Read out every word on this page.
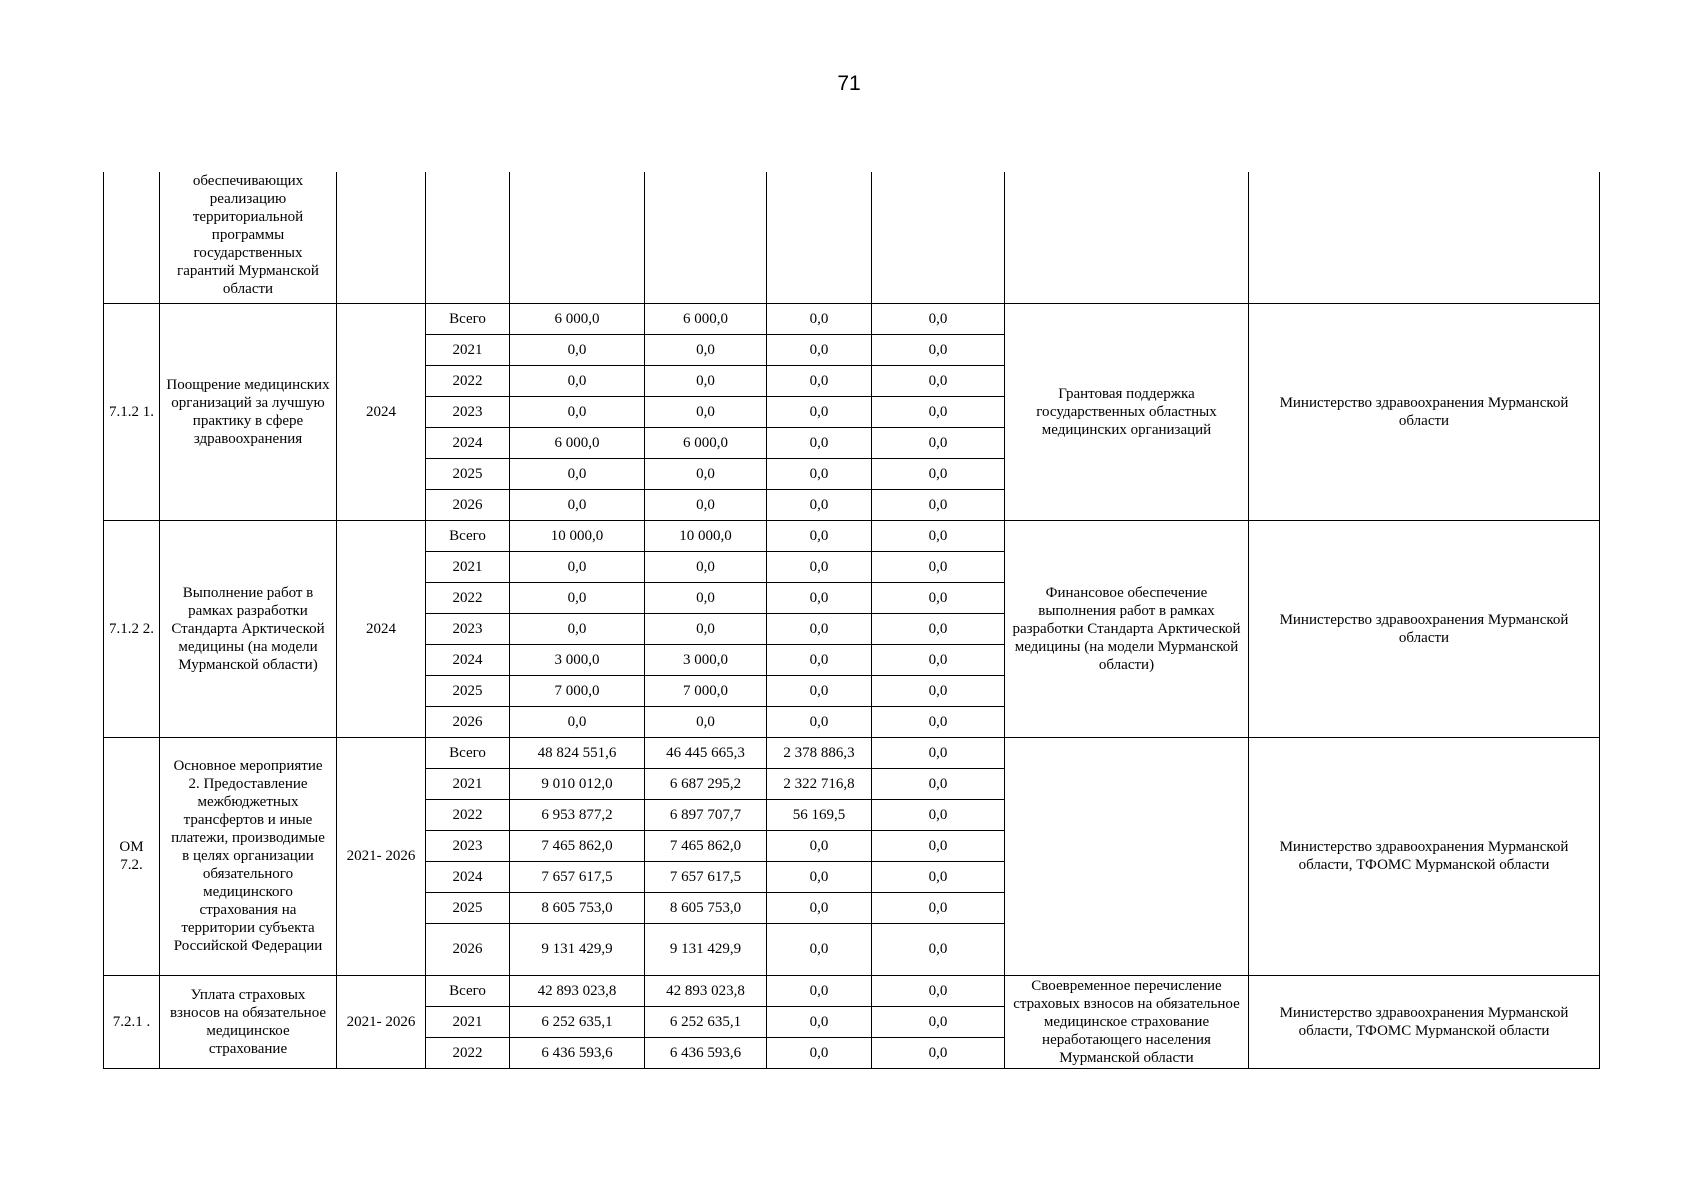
71
	обеспечивающих реализацию территориальной программы государственных гарантий Мурманской области								
7.1.2 1.	Поощрение медицинских организаций за лучшую практику в сфере здравоохранения	2024	Всего	6 000,0	6 000,0	0,0	0,0	Грантовая поддержка государственных областных медицинских организаций	Министерство здравоохранения Мурманской области
			2021	0,0	0,0	0,0	0,0		
			2022	0,0	0,0	0,0	0,0		
			2023	0,0	0,0	0,0	0,0		
			2024	6 000,0	6 000,0	0,0	0,0		
			2025	0,0	0,0	0,0	0,0		
			2026	0,0	0,0	0,0	0,0		
7.1.2 2.	Выполнение работ в рамках разработки Стандарта Арктической медицины (на модели Мурманской области)	2024	Всего	10 000,0	10 000,0	0,0	0,0	Финансовое обеспечение выполнения работ в рамках разработки Стандарта Арктической медицины (на модели Мурманской области)	Министерство здравоохранения Мурманской области
			2021	0,0	0,0	0,0	0,0		
			2022	0,0	0,0	0,0	0,0		
			2023	0,0	0,0	0,0	0,0		
			2024	3 000,0	3 000,0	0,0	0,0		
			2025	7 000,0	7 000,0	0,0	0,0		
			2026	0,0	0,0	0,0	0,0		
ОМ 7.2.	Основное мероприятие 2. Предоставление межбюджетных трансфертов и иные платежи, производимые в целях организации обязательного медицинского страхования на территории субъекта Российской Федерации	2021- 2026	Всего	48 824 551,6	46 445 665,3	2 378 886,3	0,0		Министерство здравоохранения Мурманской области, ТФОМС Мурманской области
			2021	9 010 012,0	6 687 295,2	2 322 716,8	0,0		
			2022	6 953 877,2	6 897 707,7	56 169,5	0,0		
			2023	7 465 862,0	7 465 862,0	0,0	0,0		
			2024	7 657 617,5	7 657 617,5	0,0	0,0		
			2025	8 605 753,0	8 605 753,0	0,0	0,0		
			2026	9 131 429,9	9 131 429,9	0,0	0,0		
7.2.1 .	Уплата страховых взносов на обязательное медицинское страхование	2021- 2026	Всего	42 893 023,8	42 893 023,8	0,0	0,0	Своевременное перечисление страховых взносов на обязательное медицинское страхование неработающего населения Мурманской области	Министерство здравоохранения Мурманской области, ТФОМС Мурманской области
			2021	6 252 635,1	6 252 635,1	0,0	0,0		
			2022	6 436 593,6	6 436 593,6	0,0	0,0		
